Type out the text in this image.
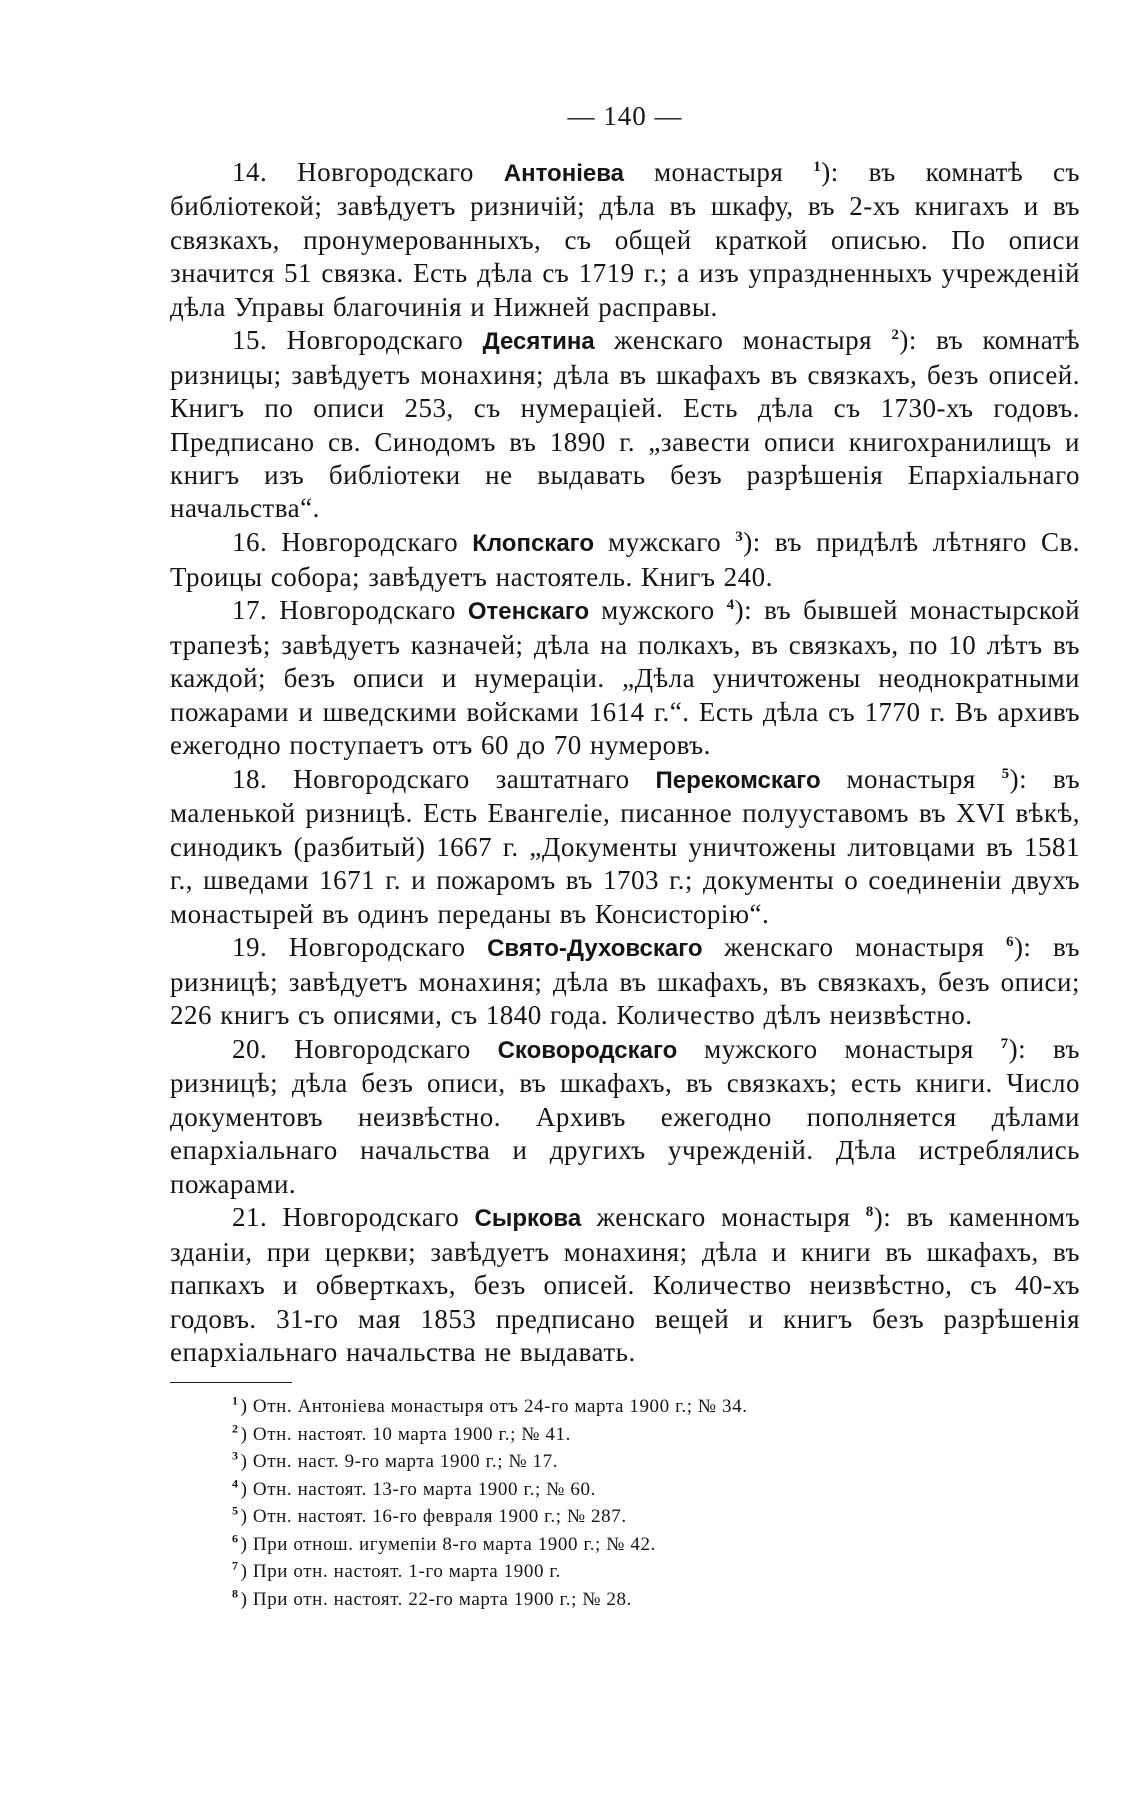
— 140 —

14. Новгородскаго Антоніева монастыря $^1$): въ комнатѣ съ библіотекой; завѣдуетъ ризничій; дѣла въ шкафу, въ 2-хъ книгахъ и въ связкахъ, пронумерованныхъ, съ общей краткой описью. По описи значится 51 связка. Есть дѣла съ 1719 г.; а изъ упраздненныхъ учрежденій дѣла Управы благочинія и Нижней расправы.

15. Новгородскаго Десятина женскаго монастыря $^2$): въ комнатѣ ризницы; завѣдуетъ монахиня; дѣла въ шкафахъ въ связкахъ, безъ описей. Книгъ по описи 253, съ нумераціей. Есть дѣла съ 1730-хъ годовъ. Предписано св. Синодомъ въ 1890 г. „завести описи книгохранилищъ и книгъ изъ библіотеки не выдавать безъ разрѣшенія Епархіальнаго начальства“.

16. Новгородскаго Клопскаго мужскаго $^3$): въ придѣлѣ лѣтняго Св. Троицы собора; завѣдуетъ настоятель. Книгъ 240.

17. Новгородскаго Отенскаго мужского $^4$): въ бывшей монастырской трапезѣ; завѣдуетъ казначей; дѣла на полкахъ, въ связкахъ, по 10 лѣтъ въ каждой; безъ описи и нумераціи. „Дѣла уничтожены неоднократными пожарами и шведскими войсками 1614 г.“. Есть дѣла съ 1770 г. Въ архивъ ежегодно поступаетъ отъ 60 до 70 нумеровъ.

18. Новгородскаго заштатнаго Перекомскаго монастыря $^5$): въ маленькой ризницѣ. Есть Евангеліе, писанное полууставомъ въ XVI вѣкѣ, синодикъ (разбитый) 1667 г. „Документы уничтожены литовцами въ 1581 г., шведами 1671 г. и пожаромъ въ 1703 г.; документы о соединеніи двухъ монастырей въ одинъ переданы въ Консисторію“.

19. Новгородскаго Свято-Духовскаго женскаго монастыря $^6$): въ ризницѣ; завѣдуетъ монахиня; дѣла въ шкафахъ, въ связкахъ, безъ описи; 226 книгъ съ описями, съ 1840 года. Количество дѣлъ неизвѣстно.

20. Новгородскаго Сковородскаго мужского монастыря $^7$): въ ризницѣ; дѣла безъ описи, въ шкафахъ, въ связкахъ; есть книги. Число документовъ неизвѣстно. Архивъ ежегодно пополняется дѣлами епархіальнаго начальства и другихъ учрежденій. Дѣла истреблялись пожарами.

21. Новгородскаго Сыркова женскаго монастыря $^8$): въ каменномъ зданіи, при церкви; завѣдуетъ монахиня; дѣла и книги въ шкафахъ, въ папкахъ и обверткахъ, безъ описей. Количество неизвѣстно, съ 40-хъ годовъ. 31-го мая 1853 предписано вещей и книгъ безъ разрѣшенія епархіальнаго начальства не выдавать.

$^1$ ) Отн. Антоніева монастыря отъ 24-го марта 1900 г.; № 34.
$^2$ ) Отн. настоят. 10 марта 1900 г.; № 41.
$^3$ ) Отн. наст. 9-го марта 1900 г.; № 17.
$^4$ ) Отн. настоят. 13-го марта 1900 г.; № 60.
$^5$ ) Отн. настоят. 16-го февраля 1900 г.; № 287.
$^6$ ) При отнош. игумепіи 8-го марта 1900 г.; № 42.
$^7$ ) При отн. настоят. 1-го марта 1900 г.
$^8$ ) При отн. настоят. 22-го марта 1900 г.; № 28.
